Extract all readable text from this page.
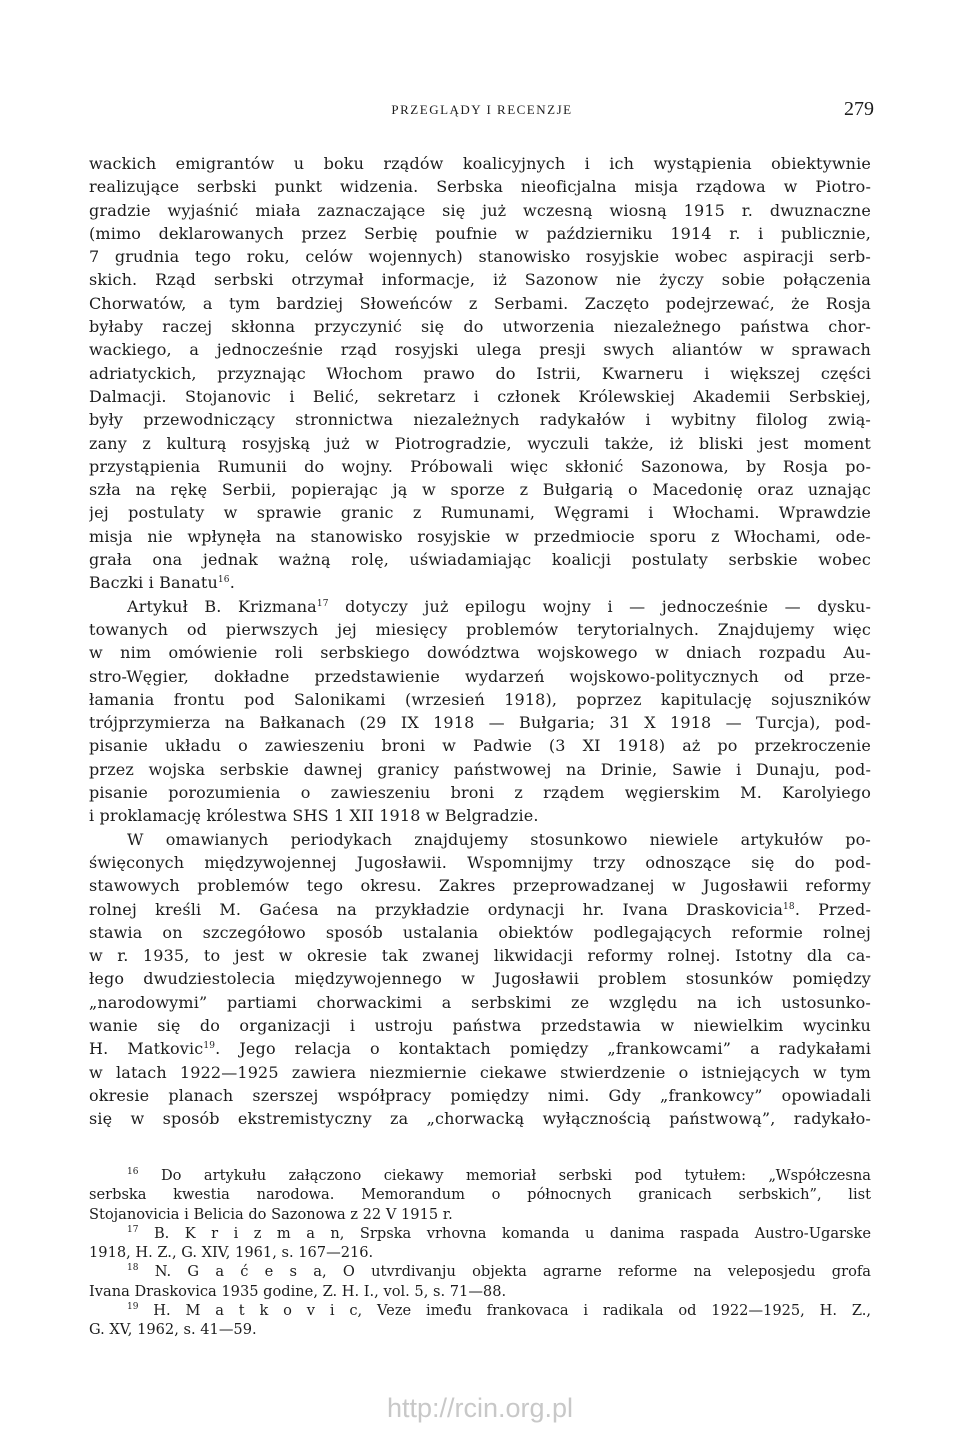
PRZEGLĄDY I RECENZJE	279
wackich emigrantów u boku rządów koalicyjnych i ich wystąpienia obiektywnie
realizujące serbski punkt widzenia. Serbska nieoficjalna misja rządowa w Piotro-
gradzie wyjaśnić miała zaznaczające się już wczesną wiosną 1915 r. dwuznaczne
(mimo deklarowanych przez Serbię poufnie w październiku 1914 r. i publicznie,
7 grudnia tego roku, celów wojennych) stanowisko rosyjskie wobec aspiracji serb-
skich. Rząd serbski otrzymał informacje, iż Sazonow nie życzy sobie połączenia
Chorwatów, a tym bardziej Słoweńców z Serbami. Zaczęto podejrzewać, że Rosja
byłaby raczej skłonna przyczynić się do utworzenia niezależnego państwa chor-
wackiego, a jednocześnie rząd rosyjski ulega presji swych aliantów w sprawach
adriatyckich, przyznając Włochom prawo do Istrii, Kwarneru i większej części
Dalmacji. Stojanovic i Belić, sekretarz i członek Królewskiej Akademii Serbskiej,
były przewodniczący stronnictwa niezależnych radykałów i wybitny filolog zwią-
zany z kulturą rosyjską już w Piotrogradzie, wyczuli także, iż bliski jest moment
przystąpienia Rumunii do wojny. Próbowali więc skłonić Sazonowa, by Rosja po-
szła na rękę Serbii, popierając ją w sporze z Bułgarią o Macedonię oraz uznając
jej postulaty w sprawie granic z Rumunami, Węgrami i Włochami. Wprawdzie
misja nie wpłynęła na stanowisko rosyjskie w przedmiocie sporu z Włochami, ode-
grała ona jednak ważną rolę, uświadamiając koalicji postulaty serbskie wobec
Baczki i Banatu$^{16}$.
Artykuł B. Krizmana$^{17}$ dotyczy już epilogu wojny i — jednocześnie — dysku-
towanych od pierwszych jej miesięcy problemów terytorialnych. Znajdujemy więc
w nim omówienie roli serbskiego dowództwa wojskowego w dniach rozpadu Au-
stro-Węgier, dokładne przedstawienie wydarzeń wojskowo-politycznych od prze-
łamania frontu pod Salonikami (wrzesień 1918), poprzez kapitulację sojuszników
trójprzymierza na Bałkanach (29 IX 1918 — Bułgaria; 31 X 1918 — Turcja), pod-
pisanie układu o zawieszeniu broni w Padwie (3 XI 1918) aż po przekroczenie
przez wojska serbskie dawnej granicy państwowej na Drinie, Sawie i Dunaju, pod-
pisanie porozumienia o zawieszeniu broni z rządem węgierskim M. Karolyiego
i proklamację królestwa SHS 1 XII 1918 w Belgradzie.
W omawianych periodykach znajdujemy stosunkowo niewiele artykułów po-
święconych międzywojennej Jugosławii. Wspomnijmy trzy odnoszące się do pod-
stawowych problemów tego okresu. Zakres przeprowadzanej w Jugosławii reformy
rolnej kreśli M. Gaćesa na przykładzie ordynacji hr. Ivana Draskovicia$^{18}$. Przed-
stawia on szczegółowo sposób ustalania obiektów podlegających reformie rolnej
w r. 1935, to jest w okresie tak zwanej likwidacji reformy rolnej. Istotny dla ca-
łego dwudziestolecia międzywojennego w Jugosławii problem stosunków pomiędzy
„narodowymi” partiami chorwackimi a serbskimi ze względu na ich ustosunko-
wanie się do organizacji i ustroju państwa przedstawia w niewielkim wycinku
H. Matkovic$^{19}$. Jego relacja o kontaktach pomiędzy „frankowcami” a radykałami
w latach 1922—1925 zawiera niezmiernie ciekawe stwierdzenie o istniejących w tym
okresie planach szerszej współpracy pomiędzy nimi. Gdy „frankowcy” opowiadali
się w sposób ekstremistyczny za „chorwacką wyłącznością państwową”, radykało-
$^{16}$ Do artykułu załączono ciekawy memoriał serbski pod tytułem: „Współczesna
serbska kwestia narodowa. Memorandum o północnych granicach serbskich”, list
Stojanovicia i Belicia do Sazonowa z 22 V 1915 r.
$^{17}$ B. K r i z m a n, Srpska vrhovna komanda u danima raspada Austro-Ugarske
1918, H. Z., G. XIV, 1961, s. 167—216.
$^{18}$ N. G a ć e s a, O utvrdivanju objekta agrarne reforme na veleposjedu grofa
Ivana Draskovica 1935 godine, Z. H. I., vol. 5, s. 71—88.
$^{19}$ H. M a t k o v i c, Veze imeđu frankovaca i radikala od 1922—1925, H. Z.,
G. XV, 1962, s. 41—59.
http://rcin.org.pl
